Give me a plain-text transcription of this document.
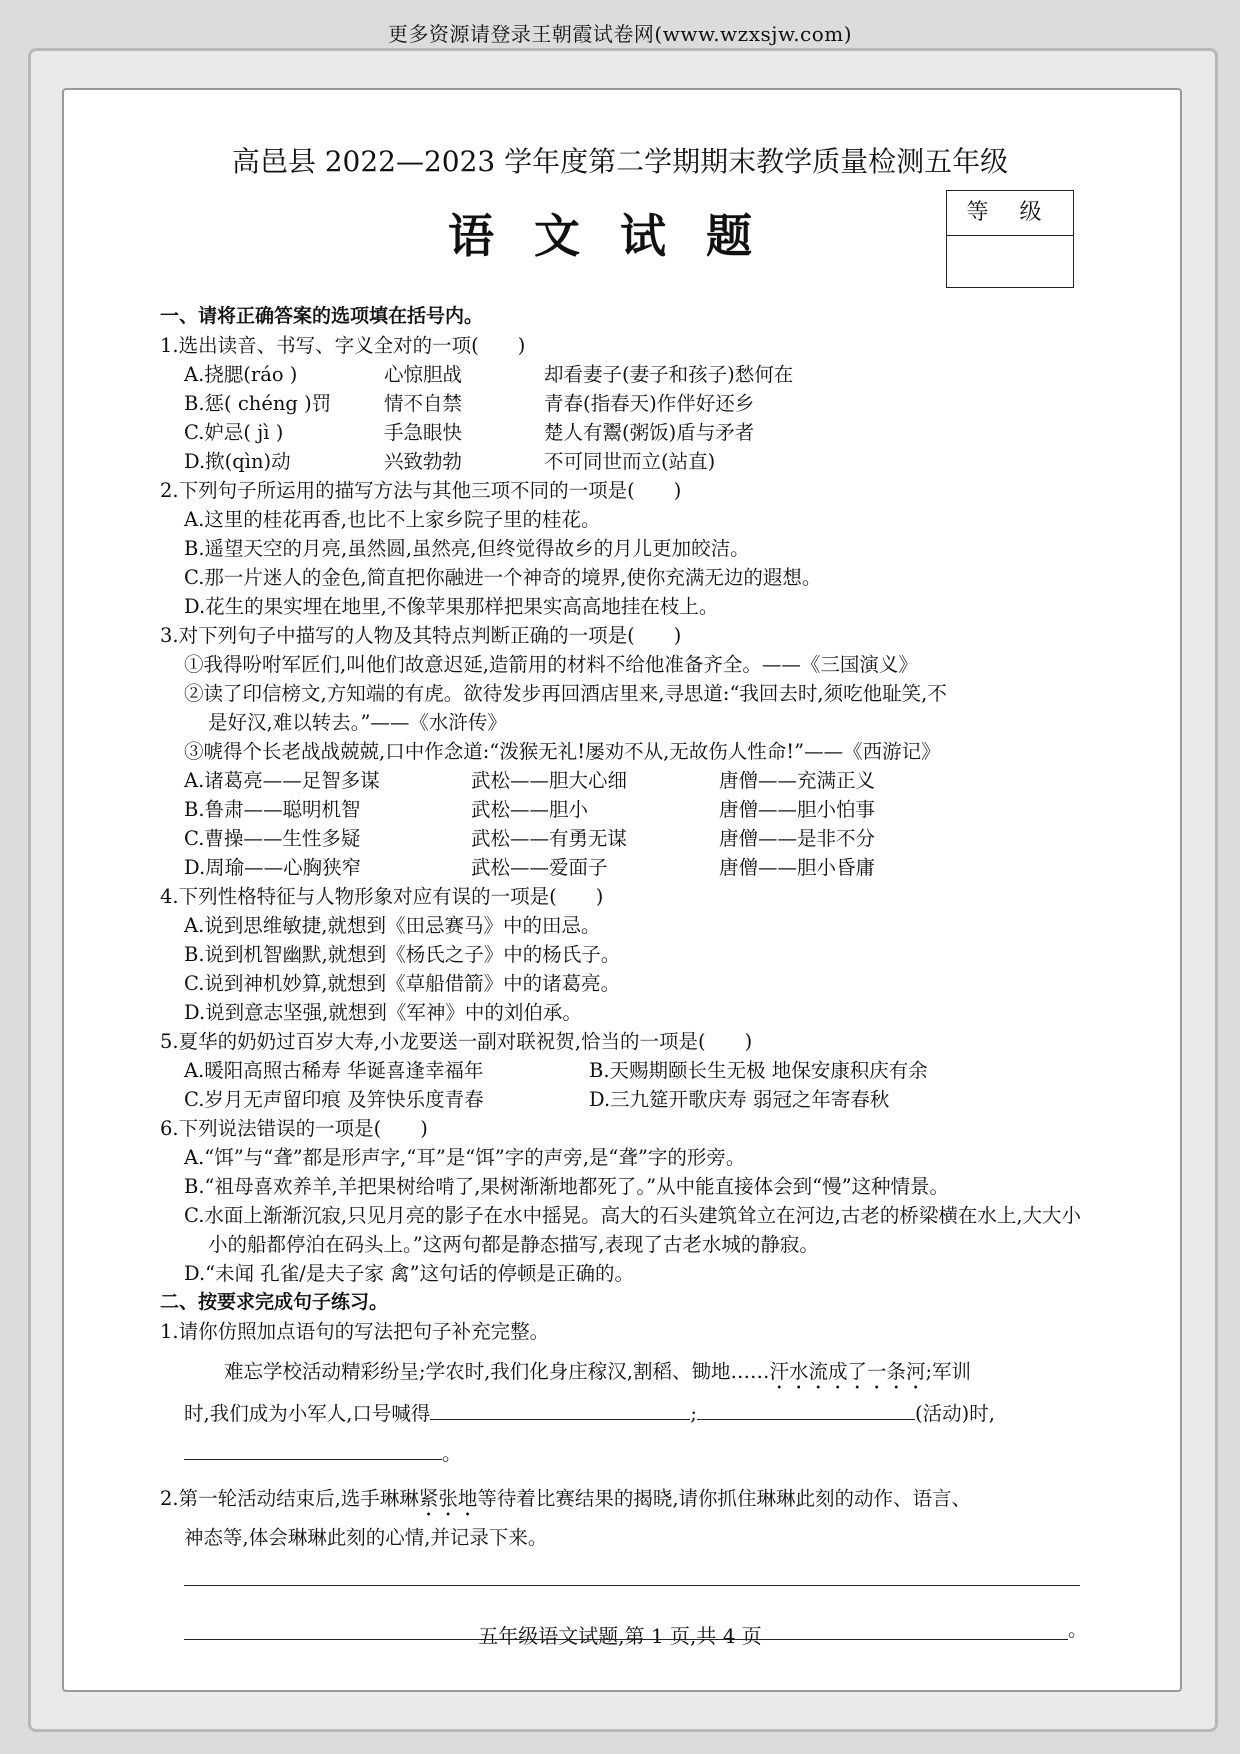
更多资源请登录王朝霞试卷网(www.wzxsjw.com)
高邑县 2022—2023 学年度第二学期期末教学质量检测五年级
语文试题	等 级
一、请将正确答案的选项填在括号内。
1.选出读音、书写、字义全对的一项(　　)
A.挠腮(ráo )	心惊胆战	却看妻子(妻子和孩子)愁何在
B.惩( chéng )罚	情不自禁	青春(指春天)作伴好还乡
C.妒忌( jì )	手急眼快	楚人有鬻(粥饭)盾与矛者
D.揿(qìn)动	兴致勃勃	不可同世而立(站直)
2.下列句子所运用的描写方法与其他三项不同的一项是(　　)
A.这里的桂花再香,也比不上家乡院子里的桂花。
B.遥望天空的月亮,虽然圆,虽然亮,但终觉得故乡的月儿更加皎洁。
C.那一片迷人的金色,简直把你融进一个神奇的境界,使你充满无边的遐想。
D.花生的果实埋在地里,不像苹果那样把果实高高地挂在枝上。
3.对下列句子中描写的人物及其特点判断正确的一项是(　　)
①我得吩咐军匠们,叫他们故意迟延,造箭用的材料不给他准备齐全。——《三国演义》
②读了印信榜文,方知端的有虎。欲待发步再回酒店里来,寻思道:“我回去时,须吃他耻笑,不
是好汉,难以转去。”——《水浒传》
③唬得个长老战战兢兢,口中作念道:“泼猴无礼!屡劝不从,无故伤人性命!”——《西游记》
A.诸葛亮——足智多谋	武松——胆大心细	唐僧——充满正义
B.鲁肃——聪明机智	武松——胆小	唐僧——胆小怕事
C.曹操——生性多疑	武松——有勇无谋	唐僧——是非不分
D.周瑜——心胸狭窄	武松——爱面子	唐僧——胆小昏庸
4.下列性格特征与人物形象对应有误的一项是(　　)
A.说到思维敏捷,就想到《田忌赛马》中的田忌。
B.说到机智幽默,就想到《杨氏之子》中的杨氏子。
C.说到神机妙算,就想到《草船借箭》中的诸葛亮。
D.说到意志坚强,就想到《军神》中的刘伯承。
5.夏华的奶奶过百岁大寿,小龙要送一副对联祝贺,恰当的一项是(　　)
A.暖阳高照古稀寿 华诞喜逢幸福年	B.天赐期颐长生无极 地保安康积庆有余
C.岁月无声留印痕 及笄快乐度青春	D.三九筵开歌庆寿 弱冠之年寄春秋
6.下列说法错误的一项是(　　)
A.“饵”与“聋”都是形声字,“耳”是“饵”字的声旁,是“聋”字的形旁。
B.“祖母喜欢养羊,羊把果树给啃了,果树渐渐地都死了。”从中能直接体会到“慢”这种情景。
C.水面上渐渐沉寂,只见月亮的影子在水中摇晃。高大的石头建筑耸立在河边,古老的桥梁横在水上,大大小小的船都停泊在码头上。”这两句都是静态描写,表现了古老水城的静寂。
D.“未闻 孔雀/是夫子家 禽”这句话的停顿是正确的。
二、按要求完成句子练习。
1.请你仿照加点语句的写法把句子补充完整。
难忘学校活动精彩纷呈;学农时,我们化身庄稼汉,割稻、锄地……汗水流成了一条河;军训
时,我们成为小军人,口号喊得	;	(活动)时,
。
2.第一轮活动结束后,选手琳琳紧张地等待着比赛结果的揭晓,请你抓住琳琳此刻的动作、语言、
神态等,体会琳琳此刻的心情,并记录下来。
。
五年级语文试题,第 1 页,共 4 页
